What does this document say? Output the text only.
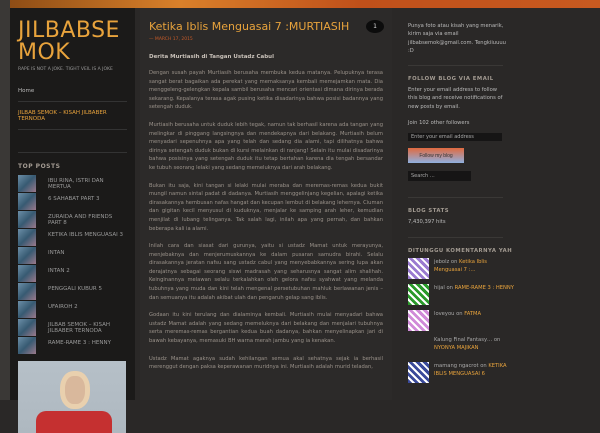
JILBABSE
MOK
RAPE IS NOT A JOKE. TIGHT VEIL IS A JOKE
Home
JILBAB SEMOK – KISAH JILBABER TERNODA
TOP POSTS
IBU RINA, ISTRI DAN MERTUA
6 SAHABAT PART 3
ZURAIDA AND FRIENDS PART 8
KETIKA IBLIS MENGUASAI 3
INTAN
INTAN 2
PENGGALI KUBUR 5
UFAIROH 2
JILBAB SEMOK – KISAH JILBABER TERNODA
RAME-RAME 3 : HENNY
Ketika Iblis Menguasai 7 :MURTIASIH
— MARCH 17, 2015
1
Derita Murtiasih di Tangan Ustadz Cabul

Dengan susah payah Murtiasih berusaha membuka kedua matanya. Pelupuknya terasa sangat berat bagaikan ada perekat yang memaksanya kembali memejamkan mata. Dia menggeleng-gelengkan kepala sambil berusaha mencari orientasi dimana dirinya berada sekarang. Kepalanya terasa agak pusing ketika disadarinya bahwa posisi badannya yang setengah duduk.

Murtiasih berusaha untuk duduk lebih tegak, namun tak berhasil karena ada tangan yang melingkar di pinggang langsingnya dan mendekapnya dari belakang. Murtiasih belum menyadari sepenuhnya apa yang telah dan sedang dia alami, tapi dilihatnya bahwa dirinya setengah duduk bukan di kursi melainkan di ranjang! Selain itu mulai disadarinya bahwa posisinya yang setengah duduk itu tetap bertahan karena dia tengah bersandar ke tubuh seorang lelaki yang sedang memeluknya dari arah belakang.

Bukan itu saja, kini tangan si lelaki mulai meraba dan meremas-remas kedua bukit mungil namun sintal padat di dadanya. Murtiasih menggelinjang kegelian, apalagi ketika dirasakannya hembusan nafas hangat dan kecupan lembut di belakang lehernya. Ciuman dan gigitan kecil menyusul di kuduknya, menjalar ke samping arah leher, kemudian menjilat di lubang telinganya. Tak salah lagi, inilah apa yang pernah, dan bahkan beberapa kali ia alami.

Inilah cara dan siasat dari gurunya, yaitu si ustadz Mamat untuk merayunya, menjebaknya dan menjerumuskannya ke dalam pusaran samudra birahi. Selalu dirasakannya jeratan nafsu sang ustadz cabul yang menyebabkannya sering lupa akan derajatnya sebagai seorang siswi madrasah yang seharusnya sangat alim shalihah. Keinginannya melawan selalu terkalahkan oleh gelora nafsu syahwat yang melanda tubuhnya yang muda dan kini telah mengenal persetubuhan mahluk berlawanan jenis – dan semuanya itu adalah akibat ulah dan pengaruh gelap sang iblis.

Godaan itu kini terulang dan dialaminya kembali. Murtiasih mulai menyadari bahwa ustadz Mamat adalah yang sedang memeluknya dari belakang dan menjalari tubuhnya serta meremas-remas bergantian kedua buah dadanya, bahkan menyelinapkan jari di bawah kebayanya, memasuki BH warna merah jambu yang ia kenakan.

Ustadz Mamat agaknya sudah kehilangan semua akal sehatnya sejak ia berhasil merenggut dengan paksa keperawanan muridnya ini. Murtiasih adalah murid teladan,

Punya foto atau kisah yang menarik, kirim saja via email jilbabsemok@gmail.com. Tengkiiuuuu :D
FOLLOW BLOG VIA EMAIL
Enter your email address to follow this blog and receive notifications of new posts by email.
Join 102 other followers
Enter your email address
Follow my blog
Search …
BLOG STATS
7,430,397 hits
DITUNGGU KOMENTARNYA YAH
jebolz on Ketika Iblis Menguasai 7 :…
hijal on RAME-RAME 3 : HENNY
loveyou on FATMA
Kalung Final Fantasy… on NYONYA MAJIKAN
mamang ngacrot on KETIKA IBLIS MENGUASAI 6
